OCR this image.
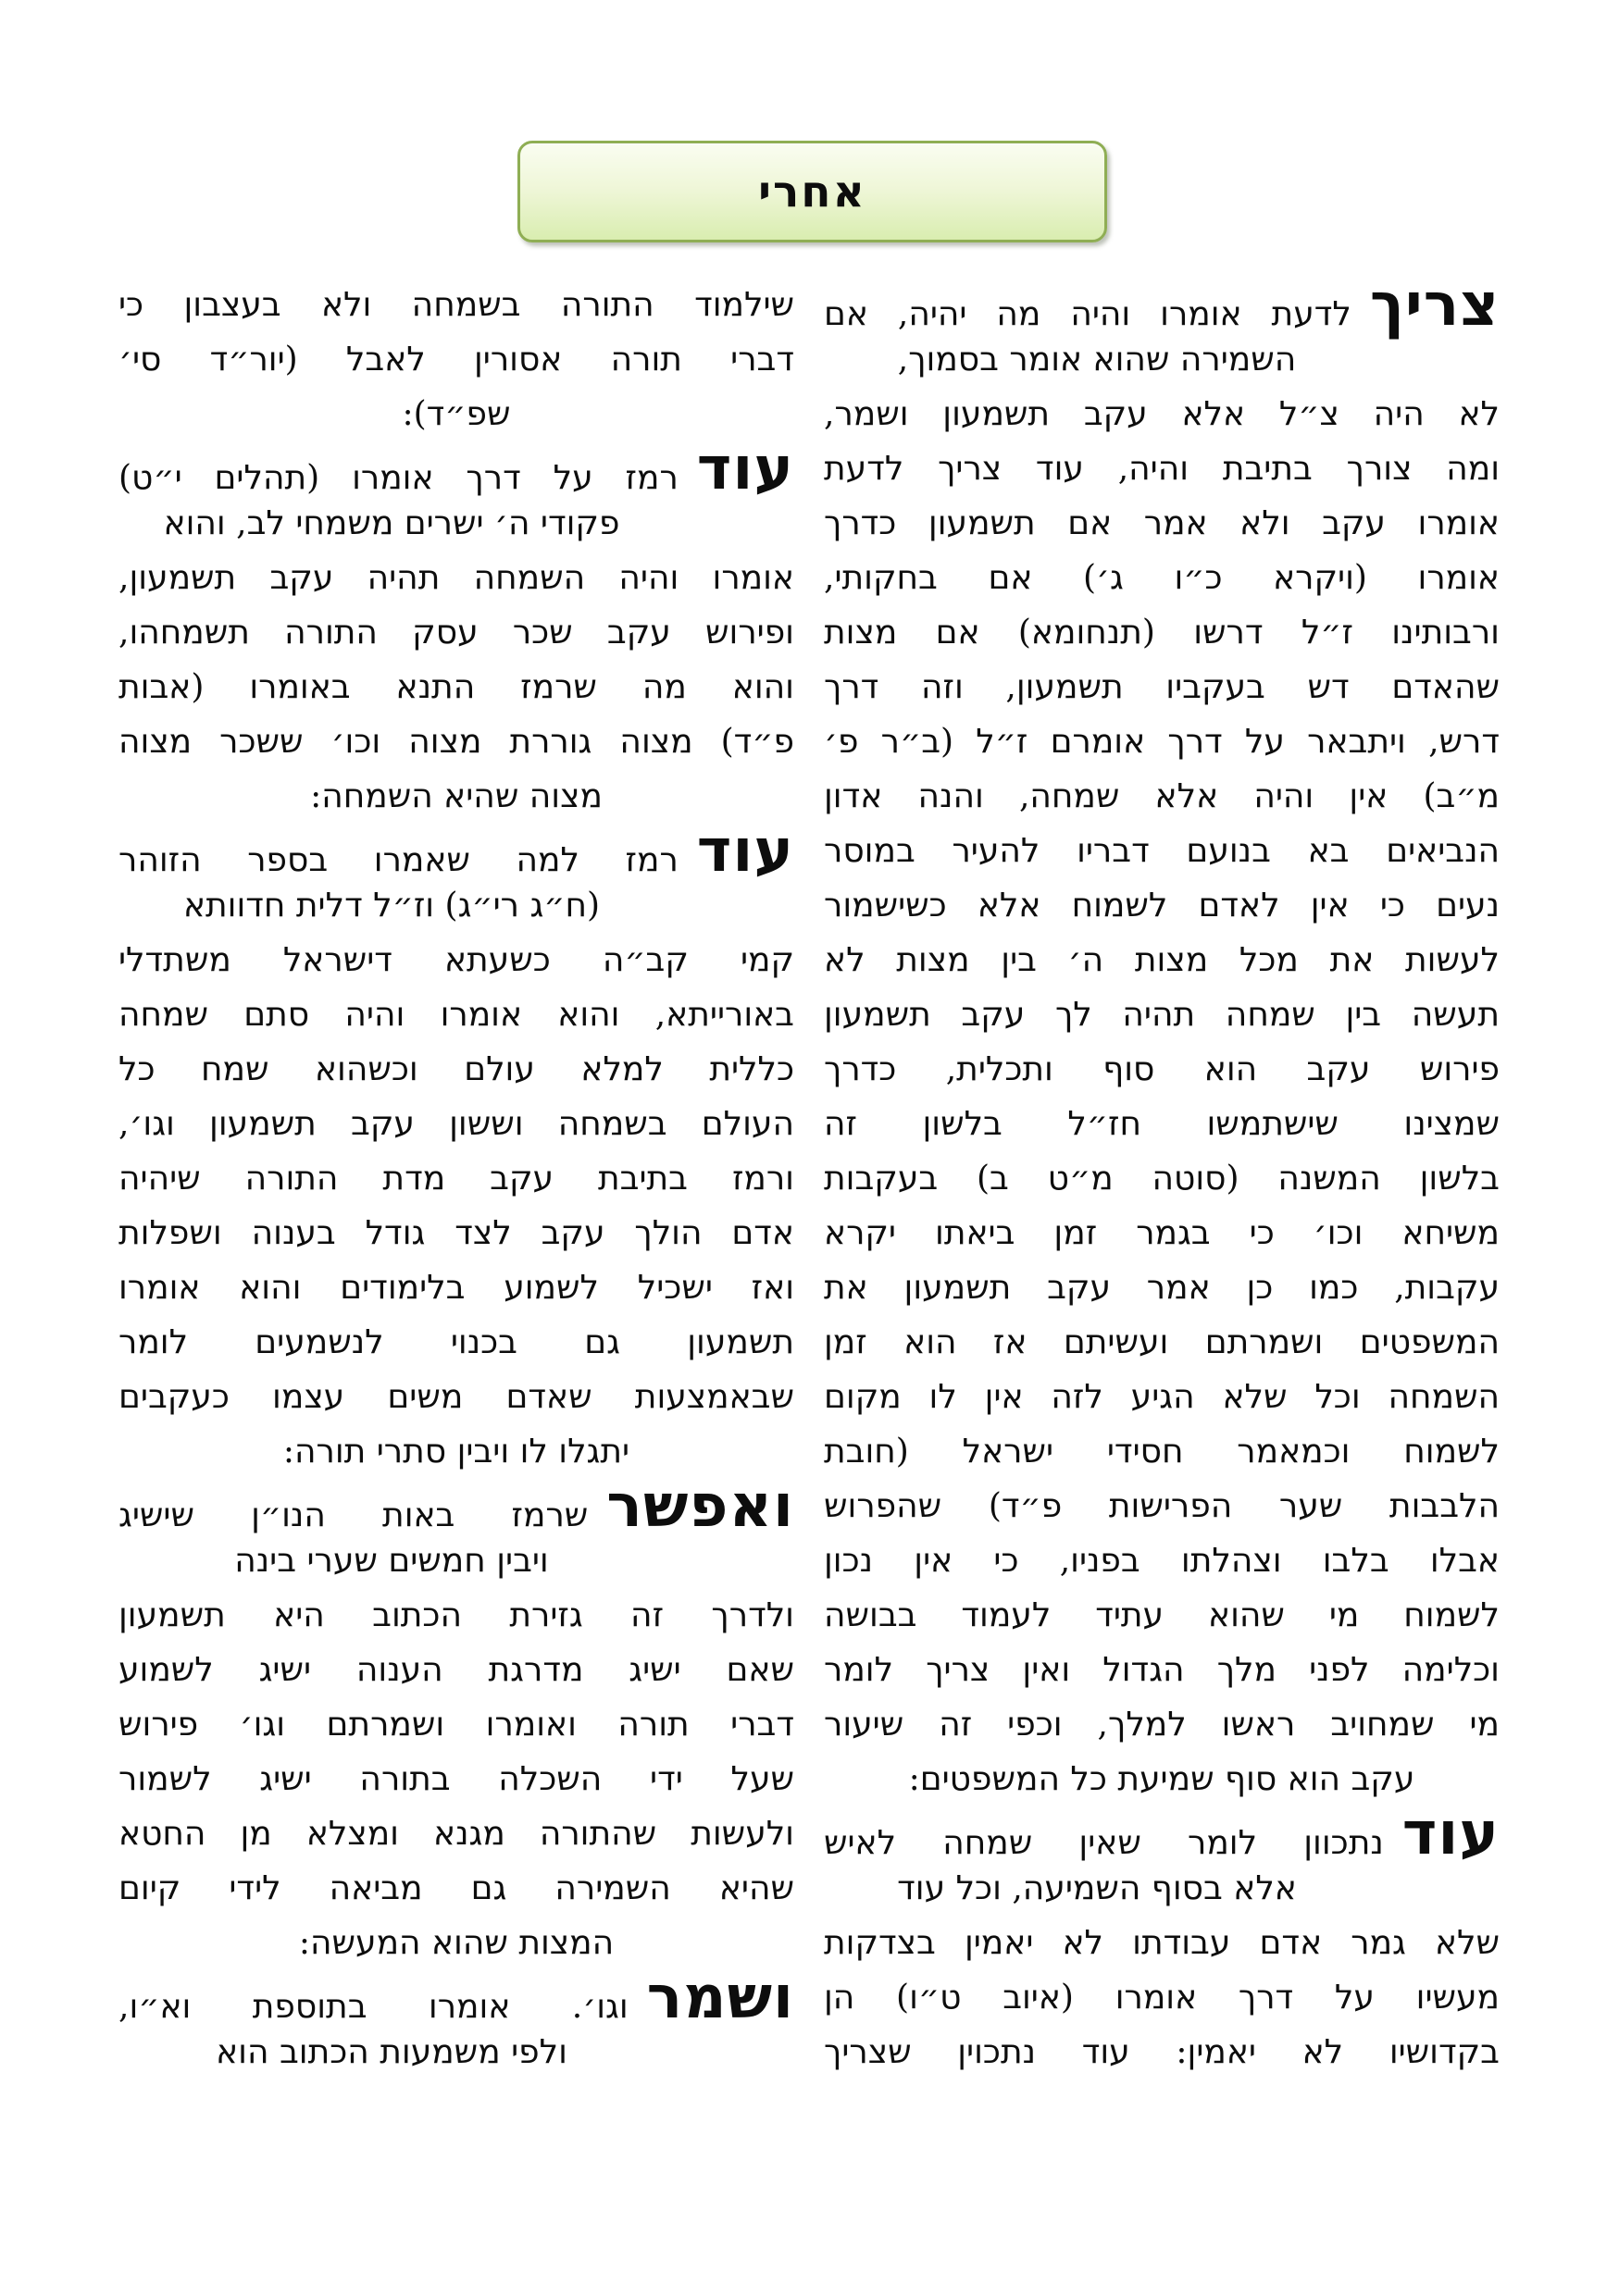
אחרי
צריך
לדעת אומרו והיה מה יהיה, אם
השמירה שהוא אומר בסמוך,
לא היה צ״ל אלא עקב תשמעון ושמר,
ומה צורך בתיבת והיה, עוד צריך לדעת
אומרו עקב ולא אמר אם תשמעון כדרך
אומרו (ויקרא כ״ו ג׳) אם בחקותי,
ורבותינו ז״ל דרשו (תנחומא) אם מצות
שהאדם דש בעקביו תשמעון, וזה דרך
דרש, ויתבאר על דרך אומרם ז״ל (ב״ר פ׳
מ״ב) אין והיה אלא שמחה, והנה אדון
הנביאים בא בנועם דבריו להעיר במוסר
נעים כי אין לאדם לשמוח אלא כשישמור
לעשות את מכל מצות ה׳ בין מצות לא
תעשה בין שמחה תהיה לך עקב תשמעון
פירוש עקב הוא סוף ותכלית, כדרך
שמצינו שישתמשו חז״ל בלשון זה
בלשון המשנה (סוטה מ״ט ב) בעקבות
משיחא וכו׳ כי בגמר זמן ביאתו יקרא
עקבות, כמו כן אמר עקב תשמעון את
המשפטים ושמרתם ועשיתם אז הוא זמן
השמחה וכל שלא הגיע לזה אין לו מקום
לשמוח וכמאמר חסידי ישראל (חובת
הלבבות שער הפרישות פ״ד) שהפרוש
אבלו בלבו וצהלתו בפניו, כי אין נכון
לשמוח מי שהוא עתיד לעמוד בבושה
וכלימה לפני מלך הגדול ואין צריך לומר
מי שמחויב ראשו למלך, וכפי זה שיעור
עקב הוא סוף שמיעת כל המשפטים:
עוד
נתכוון לומר שאין שמחה לאיש
אלא בסוף השמיעה, וכל עוד
שלא גמר אדם עבודתו לא יאמין בצדקות
מעשיו על דרך אומרו (איוב ט״ו) הן
בקדושיו לא יאמין: עוד נתכוין שצריך
שילמוד התורה בשמחה ולא בעצבון כי
דברי תורה אסורין לאבל (יור״ד סי׳
שפ״ד):
עוד
רמז על דרך אומרו (תהלים י״ט)
פקודי ה׳ ישרים משמחי לב, והוא
אומרו והיה השמחה תהיה עקב תשמעון,
ופירוש עקב שכר עסק התורה תשמחהו,
והוא מה שרמז התנא באומרו (אבות
פ״ד) מצוה גוררת מצוה וכו׳ ששכר מצוה
מצוה שהיא השמחה:
עוד
רמז למה שאמרו בספר הזוהר
(ח״ג רי״ג) וז״ל דלית חדוותא
קמי קב״ה כשעתא דישראל משתדלי
באורייתא, והוא אומרו והיה סתם שמחה
כללית למלא עולם וכשהוא שמח כל
העולם בשמחה וששון עקב תשמעון וגו׳,
ורמז בתיבת עקב מדת התורה שיהיה
אדם הולך עקב לצד גודל בענוה ושפלות
ואז ישכיל לשמוע בלימודים והוא אומרו
תשמעון גם בכנוי לנשמעים לומר
שבאמצעות שאדם משים עצמו כעקבים
יתגלו לו ויבין סתרי תורה:
ואפשר
שרמז באות הנו״ן שישיג
ויבין חמשים שערי בינה
ולדרך זה גזירת הכתוב היא תשמעון
שאם ישיג מדרגת הענוה ישיג לשמוע
דברי תורה ואומרו ושמרתם וגו׳ פירוש
שעל ידי השכלה בתורה ישיג לשמור
ולעשות שהתורה מגנא ומצלא מן החטא
שהיא השמירה גם מביאה לידי קיום
המצות שהוא המעשה:
ושמר
וגו׳. אומרו בתוספת וא״ו,
ולפי משמעות הכתוב הוא
